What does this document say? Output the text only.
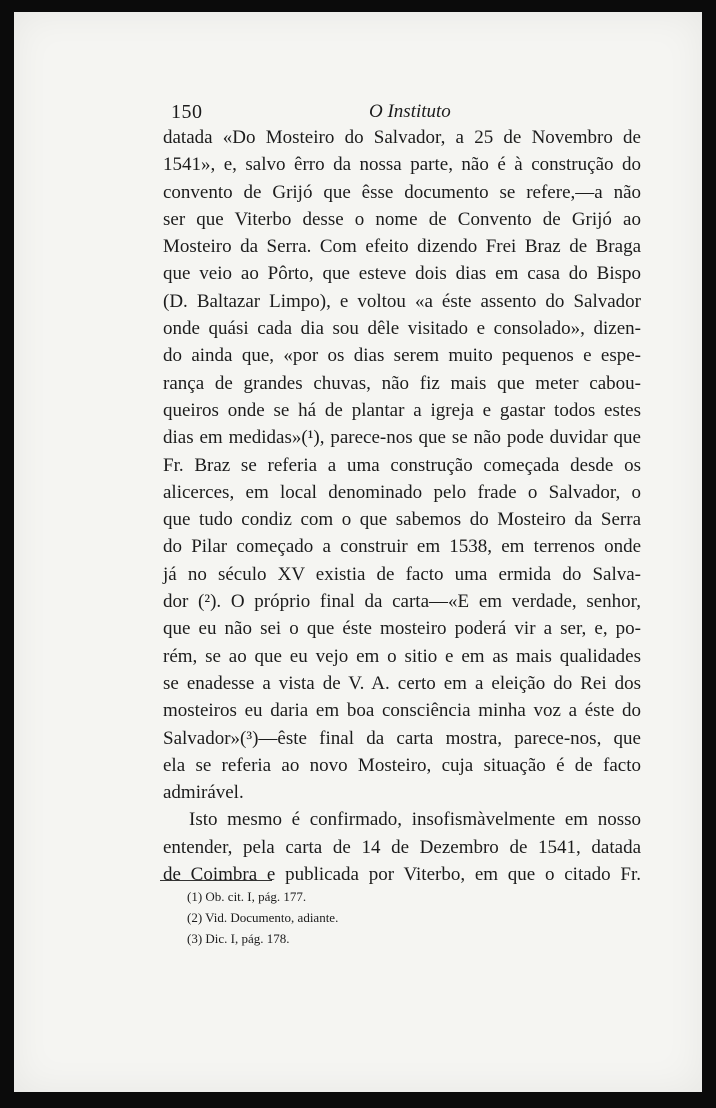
150	O Instituto
datada «Do Mosteiro do Salvador, a 25 de Novembro de
1541», e, salvo êrro da nossa parte, não é à construção do
convento de Grijó que êsse documento se refere,—a não
ser que Viterbo desse o nome de Convento de Grijó ao
Mosteiro da Serra. Com efeito dizendo Frei Braz de Braga
que veio ao Pôrto, que esteve dois dias em casa do Bispo
(D. Baltazar Limpo), e voltou «a éste assento do Salvador
onde quási cada dia sou dêle visitado e consolado», dizen-
do ainda que, «por os dias serem muito pequenos e espe-
rança de grandes chuvas, não fiz mais que meter cabou-
queiros onde se há de plantar a igreja e gastar todos estes
dias em medidas»(¹), parece-nos que se não pode duvidar que
Fr. Braz se referia a uma construção começada desde os
alicerces, em local denominado pelo frade o Salvador, o
que tudo condiz com o que sabemos do Mosteiro da Serra
do Pilar começado a construir em 1538, em terrenos onde
já no século XV existia de facto uma ermida do Salva-
dor (²). O próprio final da carta—«E em verdade, senhor,
que eu não sei o que éste mosteiro poderá vir a ser, e, po-
rém, se ao que eu vejo em o sitio e em as mais qualidades
se enadesse a vista de V. A. certo em a eleição do Rei dos
mosteiros eu daria em boa consciência minha voz a éste do
Salvador»(³)—êste final da carta mostra, parece-nos, que
ela se referia ao novo Mosteiro, cuja situação é de facto
admirável.
Isto mesmo é confirmado, insofismàvelmente em nosso
entender, pela carta de 14 de Dezembro de 1541, datada
de Coimbra e publicada por Viterbo, em que o citado Fr.
(1) Ob. cit. I, pág. 177.
(2) Vid. Documento, adiante.
(3) Dic. I, pág. 178.
